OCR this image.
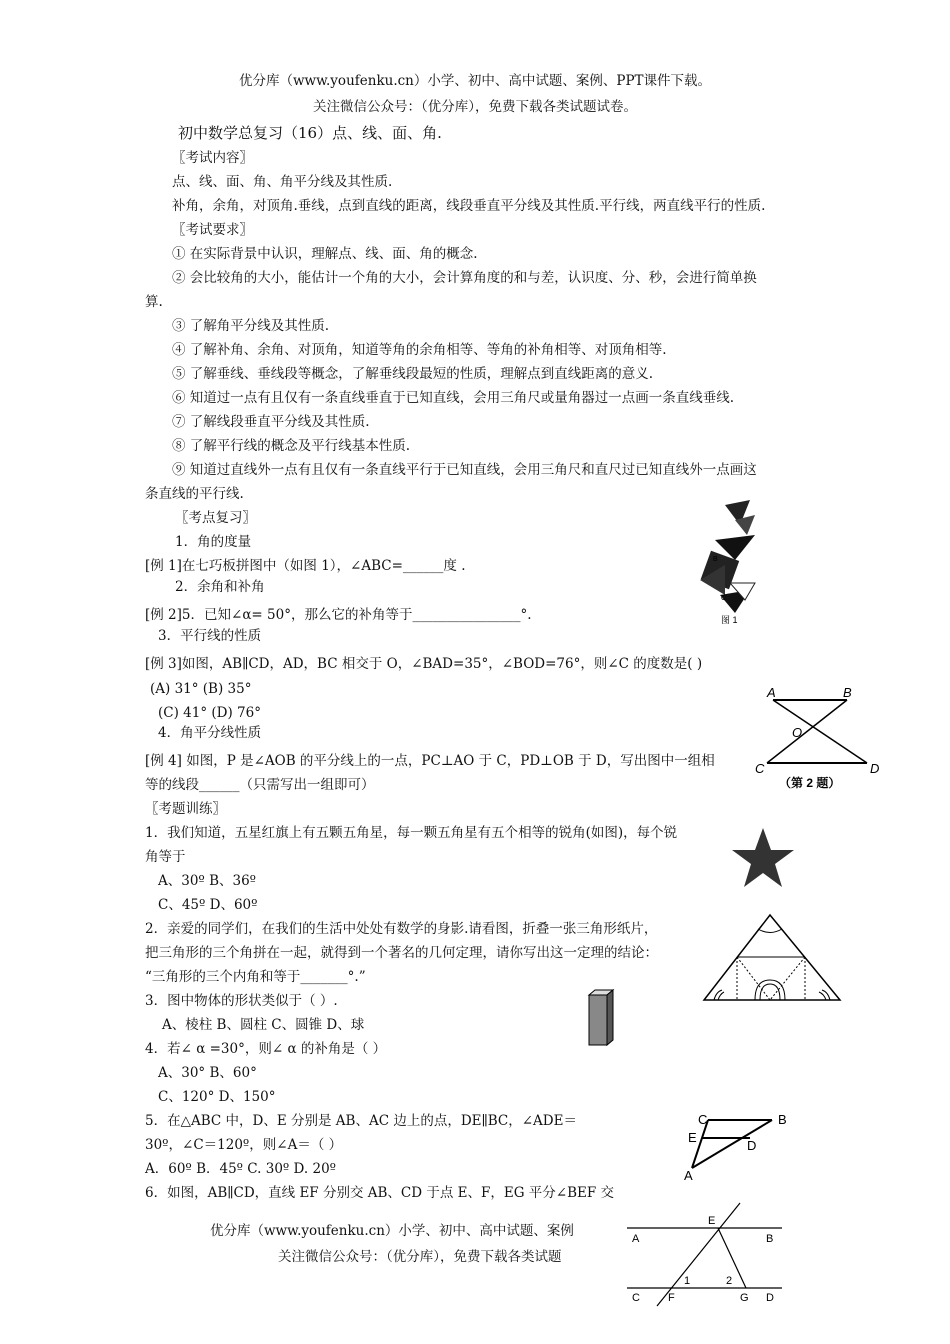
优分库（www.youfenku.cn）小学、初中、高中试题、案例、PPT课件下载。
关注微信公众号：（优分库），免费下载各类试题试卷。
初中数学总复习（16）点、线、面、角.
〖考试内容〗
点、线、面、角、角平分线及其性质.
补角，余角，对顶角.垂线，点到直线的距离，线段垂直平分线及其性质.平行线，两直线平行的性质.
〖考试要求〗
① 在实际背景中认识，理解点、线、面、角的概念.
② 会比较角的大小，能估计一个角的大小，会计算角度的和与差，认识度、分、秒，会进行简单换
算.
③ 了解角平分线及其性质.
④ 了解补角、余角、对顶角，知道等角的余角相等、等角的补角相等、对顶角相等.
⑤ 了解垂线、垂线段等概念，了解垂线段最短的性质，理解点到直线距离的意义.
⑥ 知道过一点有且仅有一条直线垂直于已知直线，会用三角尺或量角器过一点画一条直线垂线.
⑦ 了解线段垂直平分线及其性质.
⑧ 了解平行线的概念及平行线基本性质.
⑨ 知道过直线外一点有且仅有一条直线平行于已知直线，会用三角尺和直尺过已知直线外一点画这
条直线的平行线.
〖考点复习〗
1．角的度量
[例 1]在七巧板拼图中（如图 1），∠ABC=______度 .
2．余角和补角
[例 2]5．已知∠α= 50°，那么它的补角等于________________°.
3．平行线的性质
[例 3]如图，AB∥CD，AD，BC 相交于 O，∠BAD=35°，∠BOD=76°，则∠C 的度数是( )
(A) 31° (B) 35°
(C) 41° (D) 76°
4．角平分线性质
[例 4] 如图，P 是∠AOB 的平分线上的一点，PC⊥AO 于 C，PD⊥OB 于 D，写出图中一组相
等的线段______（只需写出一组即可）
〖考题训练〗
1．我们知道，五星红旗上有五颗五角星，每一颗五角星有五个相等的锐角(如图)，每个锐
角等于
A、30º B、36º
C、45º D、60º
2．亲爱的同学们，在我们的生活中处处有数学的身影.请看图，折叠一张三角形纸片，
把三角形的三个角拼在一起，就得到一个著名的几何定理，请你写出这一定理的结论：
“三角形的三个内角和等于_______°.”
3．图中物体的形状类似于（ ）.
A、棱柱 B、圆柱 C、圆锥 D、球
4．若∠ α =30°，则∠ α 的补角是（ ）
A、30° B、60°
C、120° D、150°
5．在△ABC 中，D、E 分别是 AB、AC 边上的点，DE∥BC，∠ADE＝
30º，∠C＝120º，则∠A＝（ ）
A．60º B．45º C. 30º D. 20º
6．如图，AB∥CD，直线 EF 分别交 AB、CD 于点 E、F，EG 平分∠BEF 交
优分库（www.youfenku.cn）小学、初中、高中试题、案例
关注微信公众号：（优分库），免费下载各类试题
B
C
图 1
A	B
O
C	D
（第 2 题）
C	B
E
D
A
E
A	B
1	2
C	F	G D
